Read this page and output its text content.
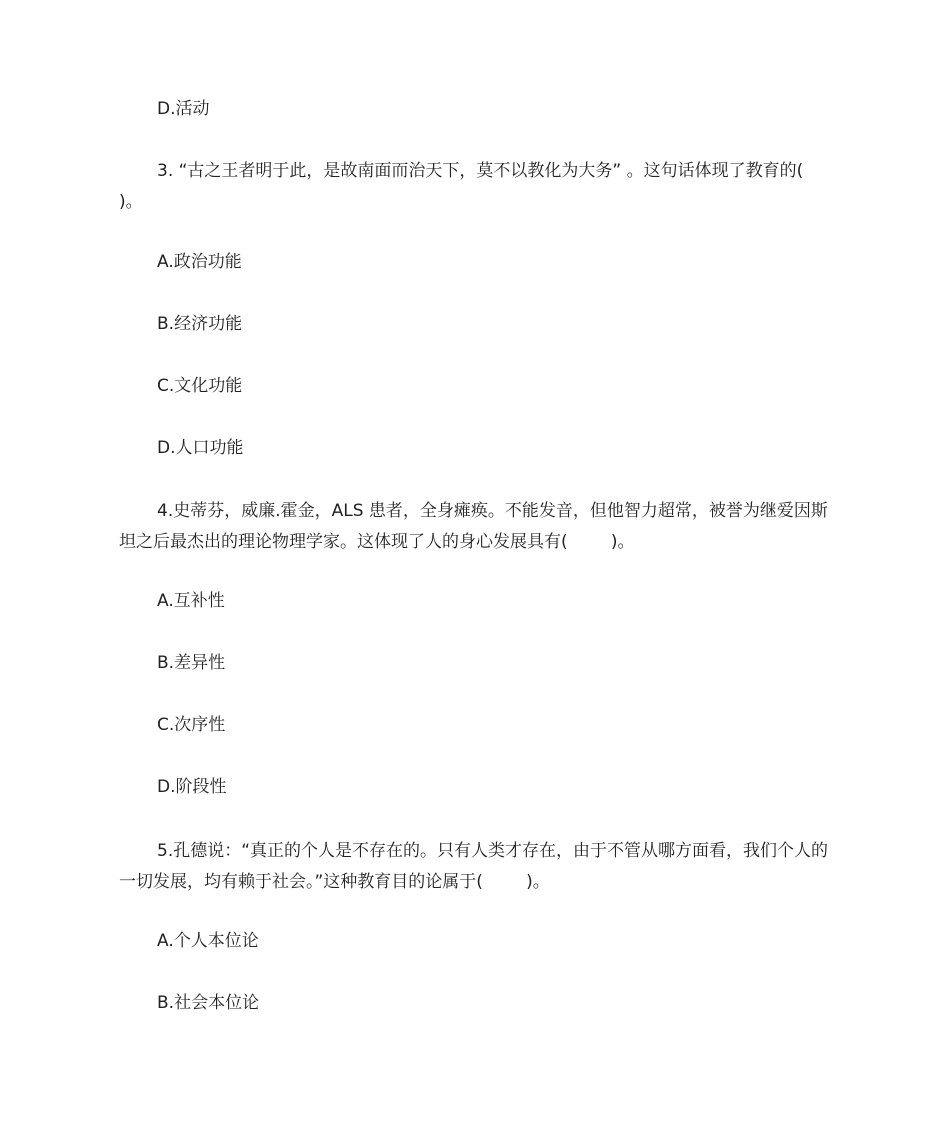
D.活动
3. “古之王者明于此，是故南面而治天下，莫不以教化为大务” 。这句话体现了教育的(      )。
A.政治功能
B.经济功能
C.文化功能
D.人口功能
4.史蒂芬，威廉.霍金，ALS 患者，全身瘫痪。不能发音，但他智力超常，被誉为继爱因斯坦之后最杰出的理论物理学家。这体现了人的身心发展具有(        )。
A.互补性
B.差异性
C.次序性
D.阶段性
5.孔德说：“真正的个人是不存在的。只有人类才存在，由于不管从哪方面看，我们个人的一切发展，均有赖于社会。”这种教育目的论属于(        )。
A.个人本位论
B.社会本位论
